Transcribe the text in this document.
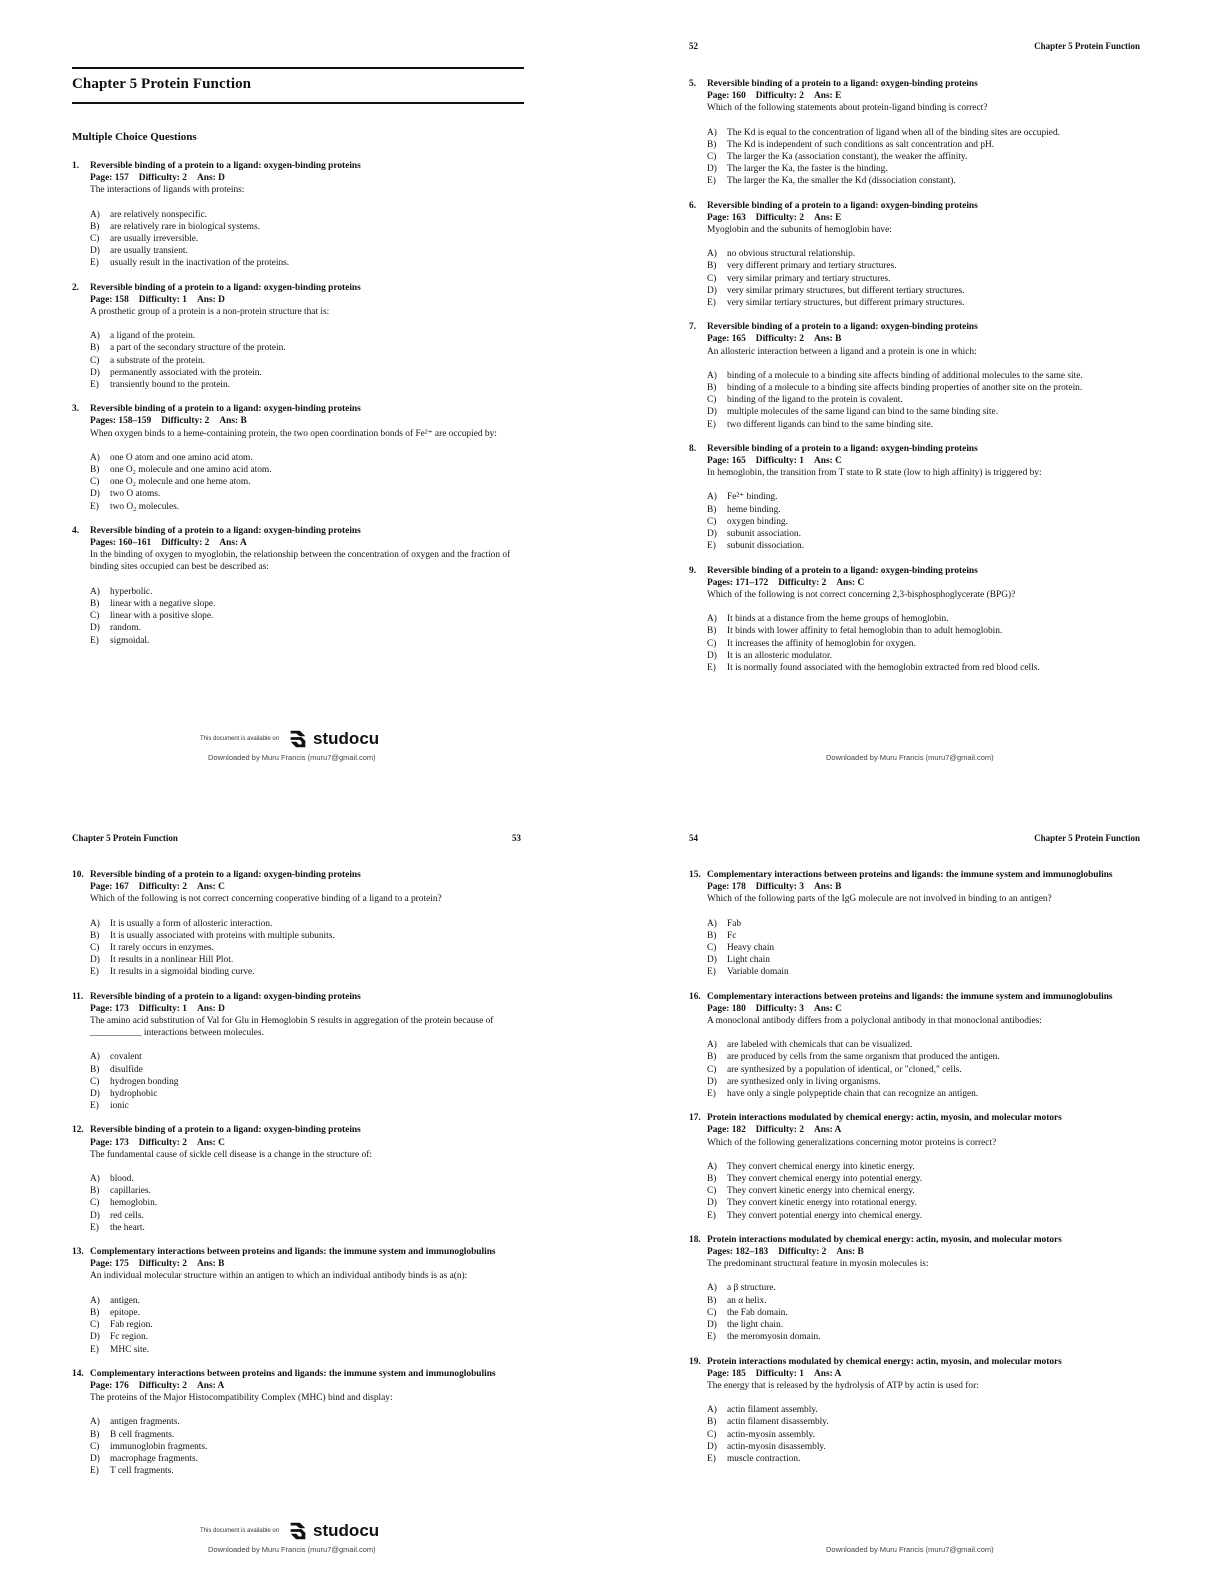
Chapter 5 Protein Function
Multiple Choice Questions
1.	Reversible binding of a protein to a ligand: oxygen-binding proteins
Page: 157 Difficulty: 2 Ans: D
The interactions of ligands with proteins:
A)	are relatively nonspecific.
B)	are relatively rare in biological systems.
C)	are usually irreversible.
D)	are usually transient.
E)	usually result in the inactivation of the proteins.
2.	Reversible binding of a protein to a ligand: oxygen-binding proteins
Page: 158 Difficulty: 1 Ans: D
A prosthetic group of a protein is a non-protein structure that is:
A)	a ligand of the protein.
B)	a part of the secondary structure of the protein.
C)	a substrate of the protein.
D)	permanently associated with the protein.
E)	transiently bound to the protein.
3.	Reversible binding of a protein to a ligand: oxygen-binding proteins
Pages: 158–159 Difficulty: 2 Ans: B
When oxygen binds to a heme-containing protein, the two open coordination bonds of Fe²⁺ are occupied by:
A)	one O atom and one amino acid atom.
B)	one O₂ molecule and one amino acid atom.
C)	one O₂ molecule and one heme atom.
D)	two O atoms.
E)	two O₂ molecules.
4.	Reversible binding of a protein to a ligand: oxygen-binding proteins
Pages: 160–161 Difficulty: 2 Ans: A
In the binding of oxygen to myoglobin, the relationship between the concentration of oxygen and the fraction of binding sites occupied can best be described as:
A)	hyperbolic.
B)	linear with a negative slope.
C)	linear with a positive slope.
D)	random.
E)	sigmoidal.
This document is available on studocu
Downloaded by Muru Francis (muru7@gmail.com)
52	Chapter 5 Protein Function
5.	Reversible binding of a protein to a ligand: oxygen-binding proteins
Page: 160 Difficulty: 2 Ans: E
Which of the following statements about protein-ligand binding is correct?
A)	The Kd is equal to the concentration of ligand when all of the binding sites are occupied.
B)	The Kd is independent of such conditions as salt concentration and pH.
C)	The larger the Ka (association constant), the weaker the affinity.
D)	The larger the Ka, the faster is the binding.
E)	The larger the Ka, the smaller the Kd (dissociation constant).
6.	Reversible binding of a protein to a ligand: oxygen-binding proteins
Page: 163 Difficulty: 2 Ans: E
Myoglobin and the subunits of hemoglobin have:
A)	no obvious structural relationship.
B)	very different primary and tertiary structures.
C)	very similar primary and tertiary structures.
D)	very similar primary structures, but different tertiary structures.
E)	very similar tertiary structures, but different primary structures.
7.	Reversible binding of a protein to a ligand: oxygen-binding proteins
Page: 165 Difficulty: 2 Ans: B
An allosteric interaction between a ligand and a protein is one in which:
A)	binding of a molecule to a binding site affects binding of additional molecules to the same site.
B)	binding of a molecule to a binding site affects binding properties of another site on the protein.
C)	binding of the ligand to the protein is covalent.
D)	multiple molecules of the same ligand can bind to the same binding site.
E)	two different ligands can bind to the same binding site.
8.	Reversible binding of a protein to a ligand: oxygen-binding proteins
Page: 165 Difficulty: 1 Ans: C
In hemoglobin, the transition from T state to R state (low to high affinity) is triggered by:
A)	Fe²⁺ binding.
B)	heme binding.
C)	oxygen binding.
D)	subunit association.
E)	subunit dissociation.
9.	Reversible binding of a protein to a ligand: oxygen-binding proteins
Pages: 171–172 Difficulty: 2 Ans: C
Which of the following is not correct concerning 2,3-bisphosphoglycerate (BPG)?
A)	It binds at a distance from the heme groups of hemoglobin.
B)	It binds with lower affinity to fetal hemoglobin than to adult hemoglobin.
C)	It increases the affinity of hemoglobin for oxygen.
D)	It is an allosteric modulator.
E)	It is normally found associated with the hemoglobin extracted from red blood cells.
Downloaded by Muru Francis (muru7@gmail.com)
Chapter 5 Protein Function	53
10. Reversible binding of a protein to a ligand: oxygen-binding proteins
Page: 167 Difficulty: 2 Ans: C
Which of the following is not correct concerning cooperative binding of a ligand to a protein?
A)	It is usually a form of allosteric interaction.
B)	It is usually associated with proteins with multiple subunits.
C)	It rarely occurs in enzymes.
D)	It results in a nonlinear Hill Plot.
E)	It results in a sigmoidal binding curve.
11. Reversible binding of a protein to a ligand: oxygen-binding proteins
Page: 173 Difficulty: 1 Ans: D
The amino acid substitution of Val for Glu in Hemoglobin S results in aggregation of the protein because of ___________ interactions between molecules.
A)	covalent
B)	disulfide
C)	hydrogen bonding
D)	hydrophobic
E)	ionic
12. Reversible binding of a protein to a ligand: oxygen-binding proteins
Page: 173 Difficulty: 2 Ans: C
The fundamental cause of sickle cell disease is a change in the structure of:
A)	blood.
B)	capillaries.
C)	hemoglobin.
D)	red cells.
E)	the heart.
13. Complementary interactions between proteins and ligands: the immune system and immunoglobulins
Page: 175 Difficulty: 2 Ans: B
An individual molecular structure within an antigen to which an individual antibody binds is as a(n):
A)	antigen.
B)	epitope.
C)	Fab region.
D)	Fc region.
E)	MHC site.
14. Complementary interactions between proteins and ligands: the immune system and immunoglobulins
Page: 176 Difficulty: 2 Ans: A
The proteins of the Major Histocompatibility Complex (MHC) bind and display:
A)	antigen fragments.
B)	B cell fragments.
C)	immunoglobin fragments.
D)	macrophage fragments.
E)	T cell fragments.
This document is available on studocu
Downloaded by Muru Francis (muru7@gmail.com)
54	Chapter 5 Protein Function
15. Complementary interactions between proteins and ligands: the immune system and immunoglobulins
Page: 178 Difficulty: 3 Ans: B
Which of the following parts of the IgG molecule are not involved in binding to an antigen?
A)	Fab
B)	Fc
C)	Heavy chain
D)	Light chain
E)	Variable domain
16. Complementary interactions between proteins and ligands: the immune system and immunoglobulins
Page: 180 Difficulty: 3 Ans: C
A monoclonal antibody differs from a polyclonal antibody in that monoclonal antibodies:
A)	are labeled with chemicals that can be visualized.
B)	are produced by cells from the same organism that produced the antigen.
C)	are synthesized by a population of identical, or "cloned," cells.
D)	are synthesized only in living organisms.
E)	have only a single polypeptide chain that can recognize an antigen.
17. Protein interactions modulated by chemical energy: actin, myosin, and molecular motors
Page: 182 Difficulty: 2 Ans: A
Which of the following generalizations concerning motor proteins is correct?
A)	They convert chemical energy into kinetic energy.
B)	They convert chemical energy into potential energy.
C)	They convert kinetic energy into chemical energy.
D)	They convert kinetic energy into rotational energy.
E)	They convert potential energy into chemical energy.
18. Protein interactions modulated by chemical energy: actin, myosin, and molecular motors
Pages: 182–183 Difficulty: 2 Ans: B
The predominant structural feature in myosin molecules is:
A)	a β structure.
B)	an α helix.
C)	the Fab domain.
D)	the light chain.
E)	the meromyosin domain.
19. Protein interactions modulated by chemical energy: actin, myosin, and molecular motors
Page: 185 Difficulty: 1 Ans: A
The energy that is released by the hydrolysis of ATP by actin is used for:
A)	actin filament assembly.
B)	actin filament disassembly.
C)	actin-myosin assembly.
D)	actin-myosin disassembly.
E)	muscle contraction.
Downloaded by Muru Francis (muru7@gmail.com)
